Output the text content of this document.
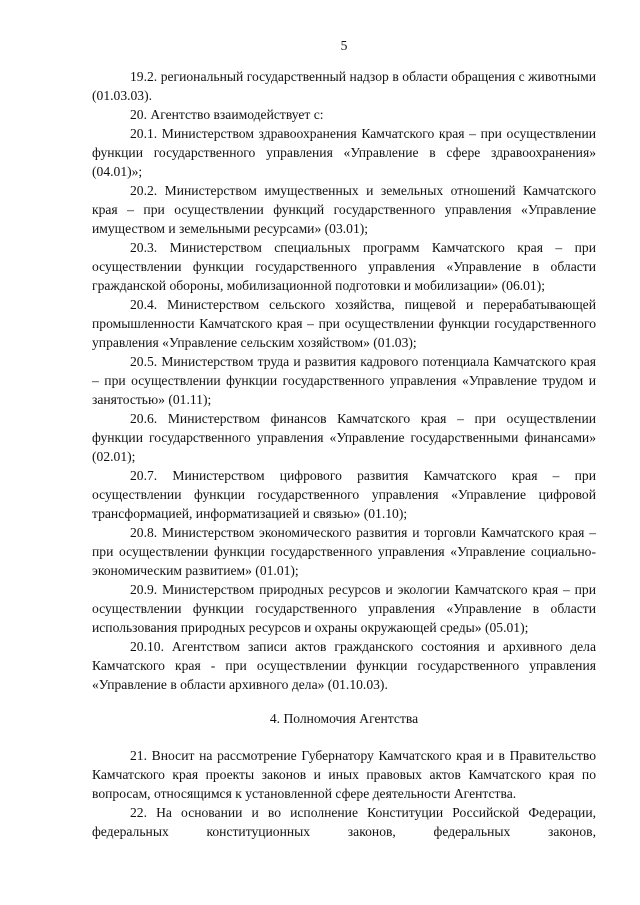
5

19.2. региональный государственный надзор в области обращения с животными (01.03.03).

20. Агентство взаимодействует с:

20.1. Министерством здравоохранения Камчатского края – при осуществлении функции государственного управления «Управление в сфере здравоохранения» (04.01)»;

20.2. Министерством имущественных и земельных отношений Камчатского края – при осуществлении функций государственного управления «Управление имуществом и земельными ресурсами» (03.01);

20.3. Министерством специальных программ Камчатского края – при осуществлении функции государственного управления «Управление в области гражданской обороны, мобилизационной подготовки и мобилизации» (06.01);

20.4. Министерством сельского хозяйства, пищевой и перерабатывающей промышленности Камчатского края – при осуществлении функции государственного управления «Управление сельским хозяйством» (01.03);

20.5. Министерством труда и развития кадрового потенциала Камчатского края – при осуществлении функции государственного управления «Управление трудом и занятостью» (01.11);

20.6. Министерством финансов Камчатского края – при осуществлении функции государственного управления «Управление государственными финансами» (02.01);

20.7. Министерством цифрового развития Камчатского края – при осуществлении функции государственного управления «Управление цифровой трансформацией, информатизацией и связью» (01.10);

20.8. Министерством экономического развития и торговли Камчатского края – при осуществлении функции государственного управления «Управление социально-экономическим развитием» (01.01);

20.9. Министерством природных ресурсов и экологии Камчатского края – при осуществлении функции государственного управления «Управление в области использования природных ресурсов и охраны окружающей среды» (05.01);

20.10. Агентством записи актов гражданского состояния и архивного дела Камчатского края - при осуществлении функции государственного управления «Управление в области архивного дела» (01.10.03).

4. Полномочия Агентства

21. Вносит на рассмотрение Губернатору Камчатского края и в Правительство Камчатского края проекты законов и иных правовых актов Камчатского края по вопросам, относящимся к установленной сфере деятельности Агентства.

22. На основании и во исполнение Конституции Российской Федерации, федеральных конституционных законов, федеральных законов,
